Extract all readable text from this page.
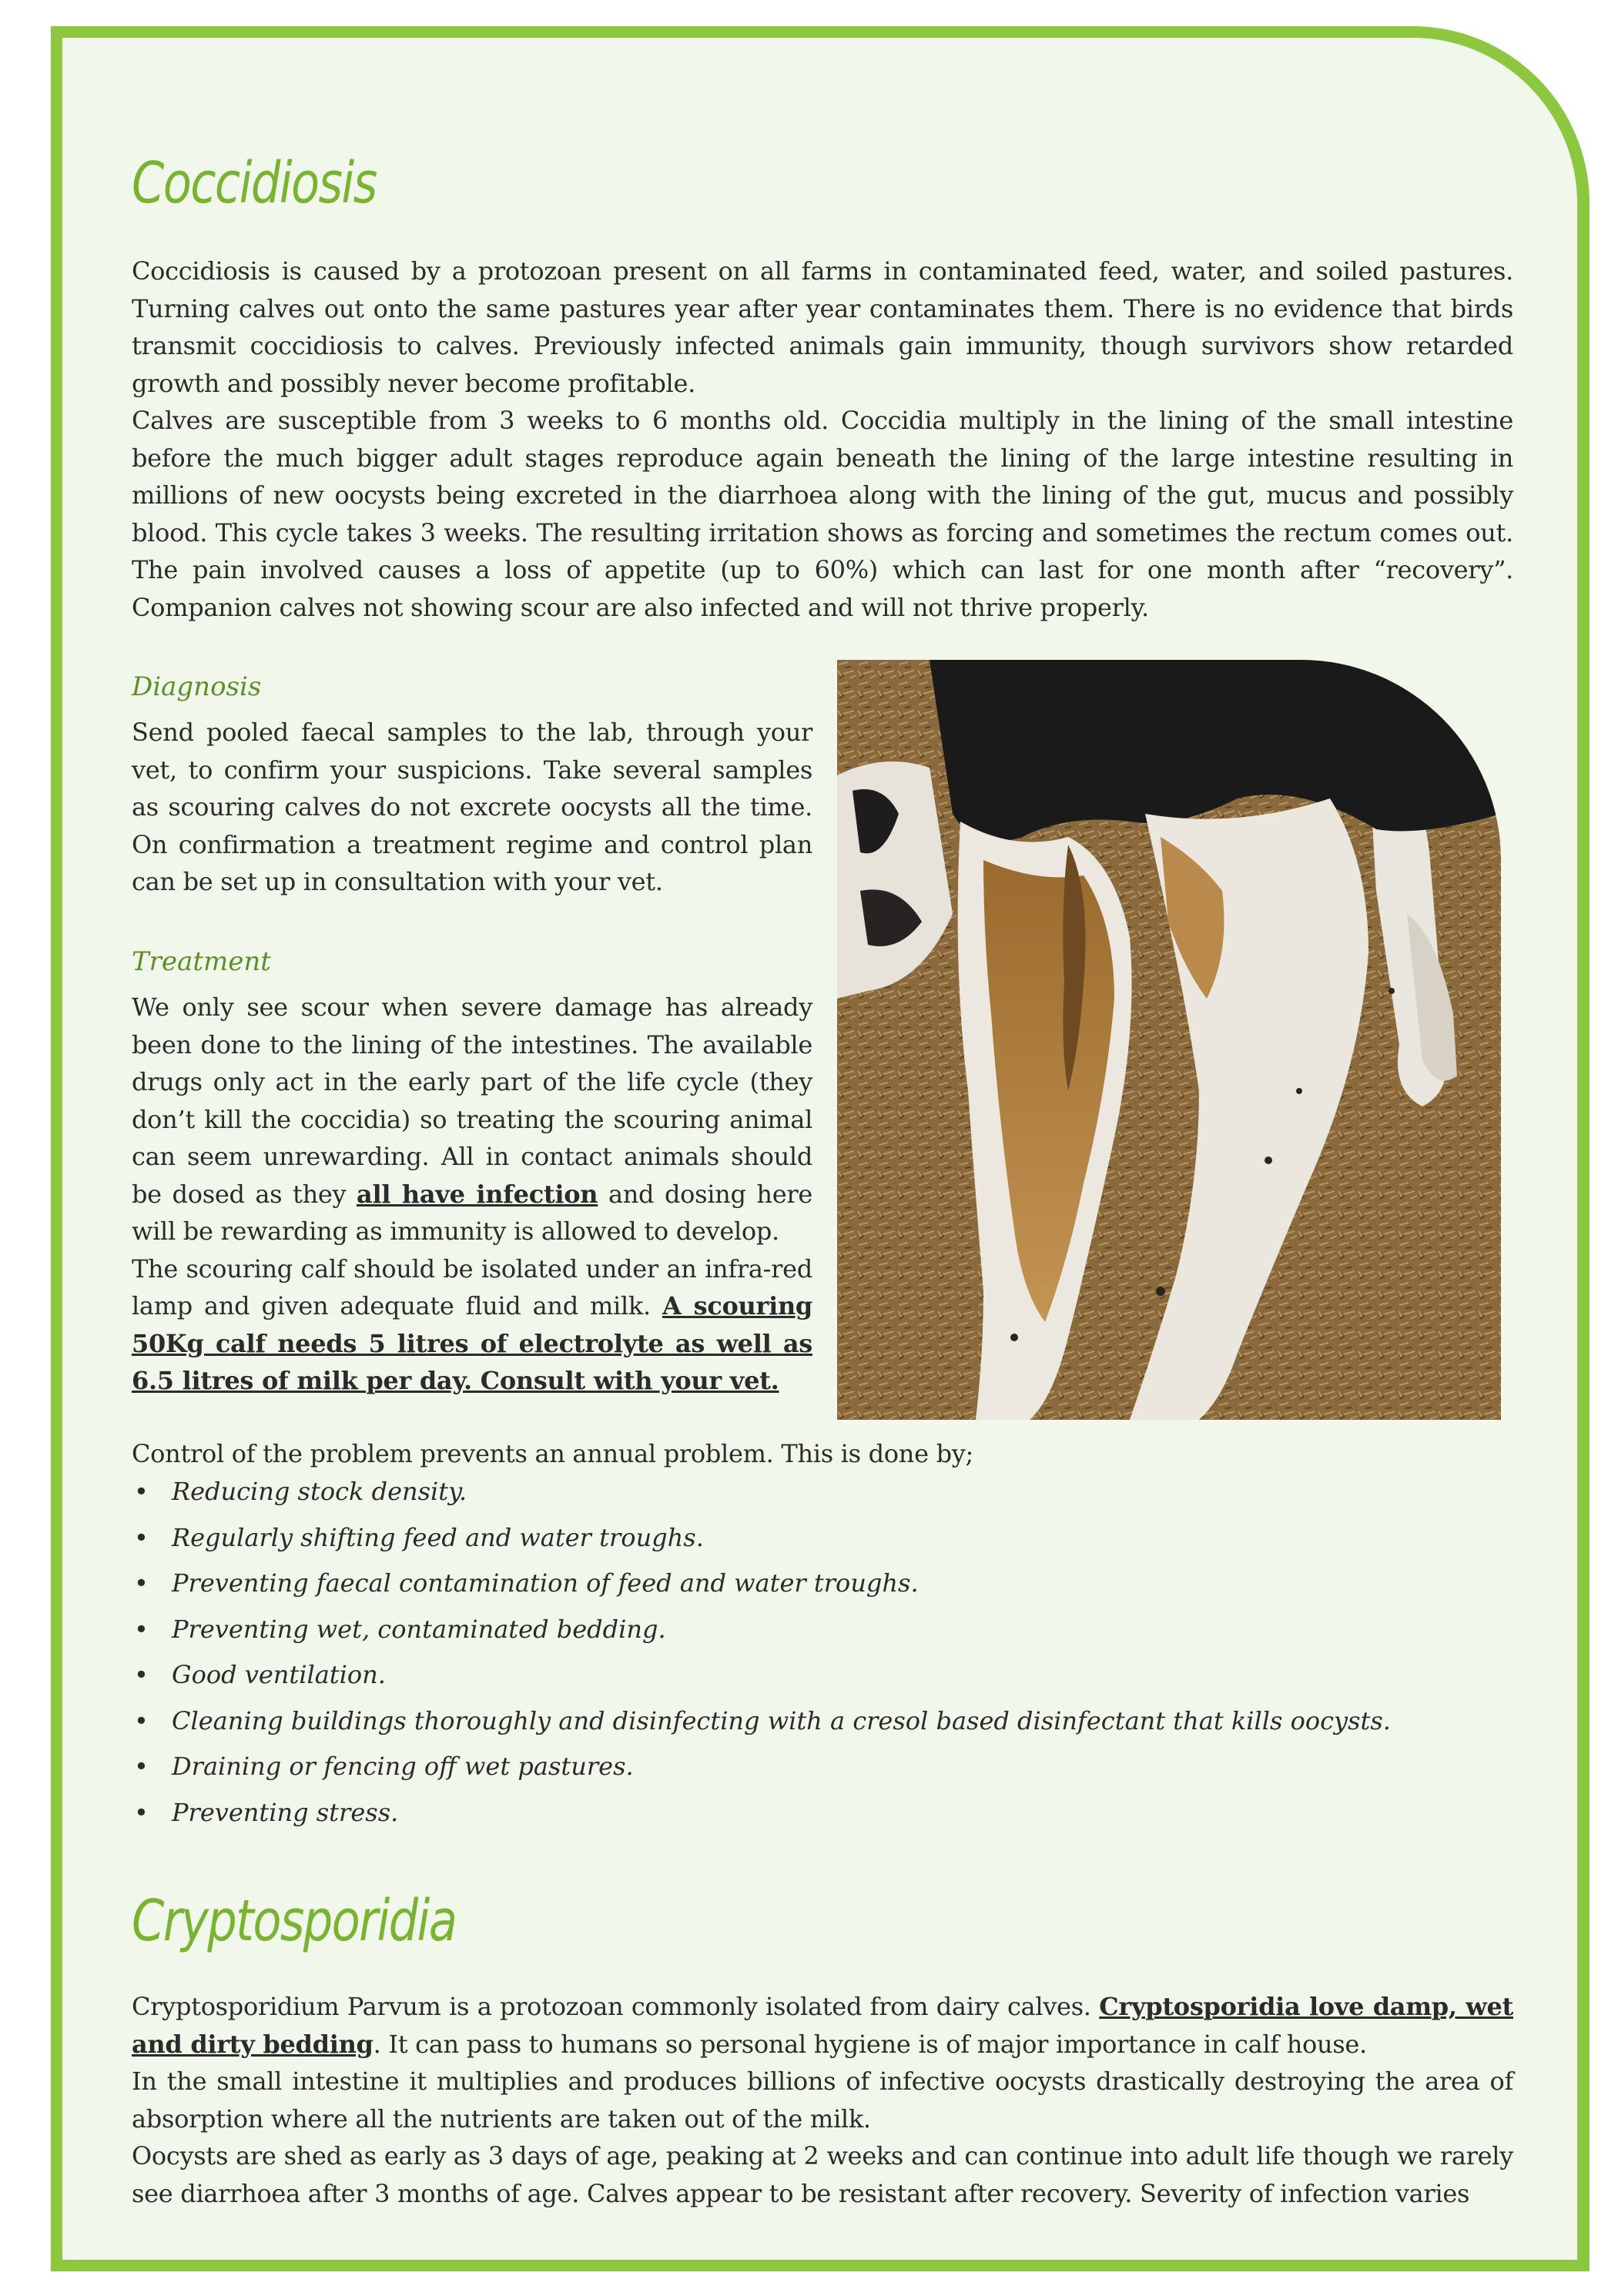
Coccidiosis

Coccidiosis is caused by a protozoan present on all farms in contaminated feed, water, and soiled pastures. Turning calves out onto the same pastures year after year contaminates them. There is no evidence that birds transmit coccidiosis to calves. Previously infected animals gain immunity, though survivors show retarded growth and possibly never become profitable.

Calves are susceptible from 3 weeks to 6 months old. Coccidia multiply in the lining of the small intestine before the much bigger adult stages reproduce again beneath the lining of the large intestine resulting in millions of new oocysts being excreted in the diarrhoea along with the lining of the gut, mucus and possibly blood. This cycle takes 3 weeks. The resulting irritation shows as forcing and sometimes the rectum comes out. The pain involved causes a loss of appetite (up to 60%) which can last for one month after “recovery”. Companion calves not showing scour are also infected and will not thrive properly.

Diagnosis

Send pooled faecal samples to the lab, through your vet, to confirm your suspicions. Take several samples as scouring calves do not excrete oocysts all the time. On confirmation a treatment regime and control plan can be set up in consultation with your vet.

Treatment

We only see scour when severe damage has already been done to the lining of the intestines. The available drugs only act in the early part of the life cycle (they don’t kill the coccidia) so treating the scouring animal can seem unrewarding. All in contact animals should be dosed as they all have infection and dosing here will be rewarding as immunity is allowed to develop.

The scouring calf should be isolated under an infra-red lamp and given adequate fluid and milk. A scouring 50Kg calf needs 5 litres of electrolyte as well as 6.5 litres of milk per day. Consult with your vet.

Control of the problem prevents an annual problem. This is done by;

• Reducing stock density.
• Regularly shifting feed and water troughs.
• Preventing faecal contamination of feed and water troughs.
• Preventing wet, contaminated bedding.
• Good ventilation.
• Cleaning buildings thoroughly and disinfecting with a cresol based disinfectant that kills oocysts.
• Draining or fencing off wet pastures.
• Preventing stress.
Cryptosporidia

Cryptosporidium Parvum is a protozoan commonly isolated from dairy calves. Cryptosporidia love damp, wet and dirty bedding. It can pass to humans so personal hygiene is of major importance in calf house.

In the small intestine it multiplies and produces billions of infective oocysts drastically destroying the area of absorption where all the nutrients are taken out of the milk.

Oocysts are shed as early as 3 days of age, peaking at 2 weeks and can continue into adult life though we rarely see diarrhoea after 3 months of age. Calves appear to be resistant after recovery. Severity of infection varies
